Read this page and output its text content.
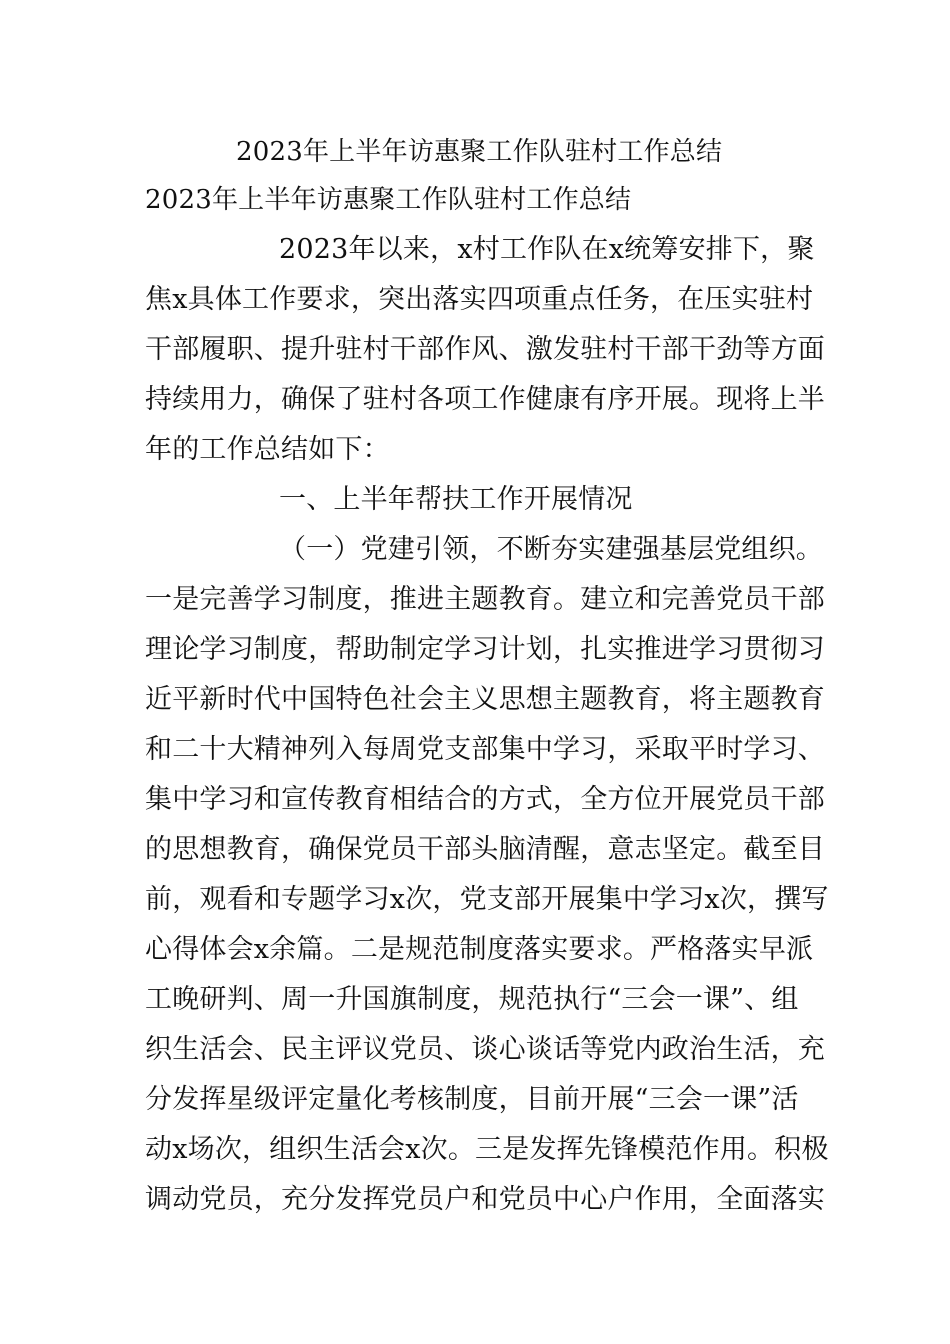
2023年上半年访惠聚工作队驻村工作总结
2023年上半年访惠聚工作队驻村工作总结
2023年以来，x村工作队在x统筹安排下，聚
焦x具体工作要求，突出落实四项重点任务，在压实驻村
干部履职、提升驻村干部作风、激发驻村干部干劲等方面
持续用力，确保了驻村各项工作健康有序开展。现将上半
年的工作总结如下：
一、上半年帮扶工作开展情况
（一）党建引领，不断夯实建强基层党组织。
一是完善学习制度，推进主题教育。建立和完善党员干部
理论学习制度，帮助制定学习计划，扎实推进学习贯彻习
近平新时代中国特色社会主义思想主题教育，将主题教育
和二十大精神列入每周党支部集中学习，采取平时学习、
集中学习和宣传教育相结合的方式，全方位开展党员干部
的思想教育，确保党员干部头脑清醒，意志坚定。截至目
前，观看和专题学习x次，党支部开展集中学习x次，撰写
心得体会x余篇。二是规范制度落实要求。严格落实早派
工晚研判、周一升国旗制度，规范执行“三会一课”、组
织生活会、民主评议党员、谈心谈话等党内政治生活，充
分发挥星级评定量化考核制度，目前开展“三会一课”活
动x场次，组织生活会x次。三是发挥先锋模范作用。积极
调动党员，充分发挥党员户和党员中心户作用，全面落实
